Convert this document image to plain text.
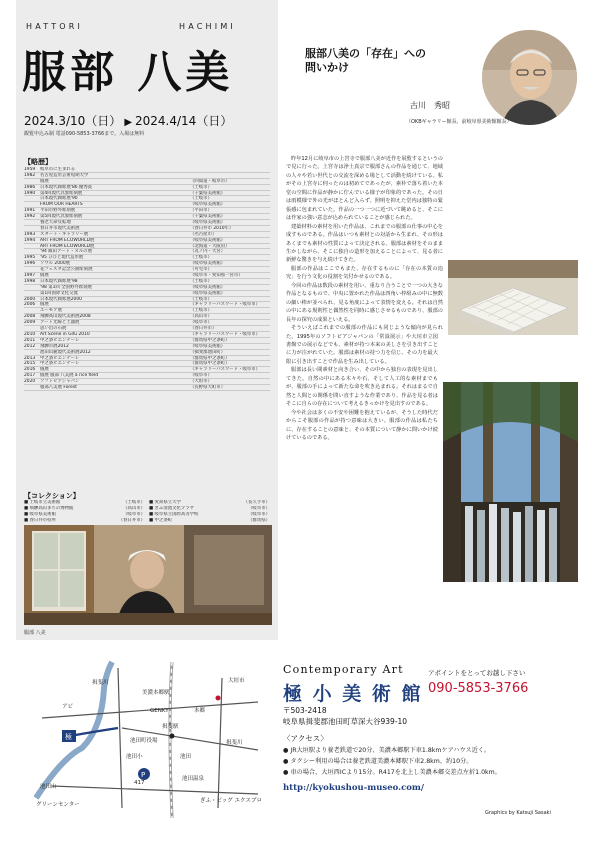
HATTORI	HACHIMI
服部 八美
2024.3/10（日） ▶ 2024.4/14（日）
観覧申込み制 電話090-5853-3766まで。入場は無料
【略歴】
1959	岐阜市に生まれる
1982	名古屋造形芸術短期大学
個展	（四間道・岐阜市）
1986	日本現代陶彫展'86 優秀賞	（土岐市）
1990	第4回現代具象彫刻展	（千葉県美術館）
日本現代陶彫展'90	（土岐市）
FROM OUR HEARTS	（岐阜県美術館）
1991	平田市野外彫刻展	（平田市）
1992	第5回現代具象彫刻展	（千葉県美術館）
養老天命反転地	（岐阜県美術館）
春日井市現代美術展	（春日井市 2010年）
1993	スタート・ギャラリー展	（名古屋市）
1994	ART FROM ECOWORLD展	（岐阜県美術館）
ART FROM ECOWORLD展	（北海道・大阪府）
'94 飯田アート・ヌルの展	（丸ノ内・大宮）
1995	'95 ひびと現代造形展	（土岐市）
1996	ソウル 2000展	（岐阜県美術館）
花フェスタ記念公園彫刻展	（可児市）
1997	個展	（岐阜市・愛知県一宮市）
1998	日本現代陶彫展'98	（土岐市）
'98 第1回 全国野外彫刻展	（岐阜県美術館）
第1回国際文化交流	（岐阜県美術館）
2000	日本現代陶彫展2000	（土岐市）
2006	個展	（ギャラリーパスワード・岐阜市）
ユーモア展	（土岐市）
2008	飛騨高山現代美術展2008	（高山市）
2009	アート光線と土器展	（岐阜市）
思い出の石展	（春日井市）
2010	Art Scene in Gifu 2010	（ギャラリーパスワード・岐阜市）
2011	中之条ビエンナーレ	（群馬県中之条町）
2012	飛騨市展2012	（岐阜県美術館）
池田山麓現代美術展2012	（揖斐郡池田町）
2013	中之条ビエンナーレ	（群馬県中之条町）
2015	中之条ビエンナーレ	（群馬県中之条町）
2016	個展	（ギャラリーパスワード・岐阜市）
2017	個展 服部 八美展 a rice field	（岐阜市）
2020	ソフトピアジャパン	（大垣市）
服部八美展 Forest	（長野県大町市）
【コレクション】
■ 土岐市立美術館	（土岐市） ■ 愛知県立大学	（長久手市）
■ 飛騨高山まちの博物館	（高山市） ■ ぎふ清流文化プラザ	（岐阜市）
■ 岐阜県美術館	（岐阜市） ■ 岐阜県立国際高等学校	（岐阜市）
■ 春日井市役所	（春日井市） ■ 中之条町	（群馬県）
服部 八美
服部八美の「存在」への
問いかけ
古川　秀昭
（OKBギャラリー館長、前岐阜県美術館館長）

昨年12月に岐阜市の上宮寺で服部八美が近作を展覧するというので見に行った。上宮寺は浄土真宗で服部さんの作品を通じて、地域の人々や若い世代との交流を深める場として活動を続けている。私がその上宮寺に伺ったのは初めてであったが、素朴で落ち着いた本堂の空間に作品が静かに佇んでいる様子が印象的であった。その日は雨模様で外の光がほとんど入らず、照明を抑えた堂内は独特の緊張感に包まれていた。作品の一つ一つに近づいて眺めると、そこには作家の強い意志が込められていることが感じられた。

建築材料の素材を用いた作品は、これまでの服部の仕事の中心を成すものである。作品はいつも素材との対話から生まれ、その形はあくまでも素材の性質によって決定される。服部は素材をそのまま生かしながら、そこに独自の造形を加えることによって、見る者に新鮮な驚きを与え続けてきた。

服部の作品はここでもまた、存在するものに「存在の本質の追究」を行う文化の役割を気付かせるのである。

今回の作品は数段の素材を用い、重なり合うことで一つの大きな作品となるもので、中央に置かれた作品は四角い枠組みの中に無数の細い棒が並べられ、見る角度によって表情を変える。それは自然の中にある規則性と偶然性を同時に感じさせるものであり、服部の長年の探究の成果といえる。

そういえばこれまでの服部の作品にも同じような傾向が見られた。1995年のソフトピアジャパンの「常設展示」や大垣市立図書館での展示などでも、素材が持つ本来の美しさを引き出すことに力が注がれていた。服部は素材の持つ力を信じ、その力を最大限に引き出すことで作品を生み出している。

服部は長い間素材と向き合い、その中から独自の表現を見出してきた。自然の中にある木々や石、そして人工的な素材までもが、服部の手によって新たな命を吹き込まれる。それはまるで自然と人間との関係を問い直すような作業であり、作品を見る者はそこに自らの存在について考えるきっかけを見出すのである。

今や社会は多くの不安や困難を抱えているが、そうした時代だからこそ服部の作品が持つ意味は大きい。服部の作品は私たちに、存在することの意味と、その本質について静かに問いかけ続けているのである。

極
P
揖斐川
アビ
池田山
グリーンセンター
GENKY
美濃本郷駅
池田町役場
揖斐駅
池田小
本郷
池田
揖斐川
417
池田温泉
ぎふ・ビッグ エクスプロ
大垣市
Contemporary Art
極 小 美 術 館
アポイントをとってお越し下さい
090-5853-3766
〒503-2418
岐阜県揖斐郡池田町草深大谷939-10
〈アクセス〉
● JR大垣駅より養老鉄道で20分、美濃本郷駅下車1.8kmケアハウス近く。
● タクシー利用の場合は養老鉄道美濃本郷駅下車2.8km、約10分。
● 車の場合、大垣西ICより15分。R417を北上し美濃本郷交差点左折1.0km。
http://kyokushou-museo.com/
Graphics by Katsuji Sasaki
